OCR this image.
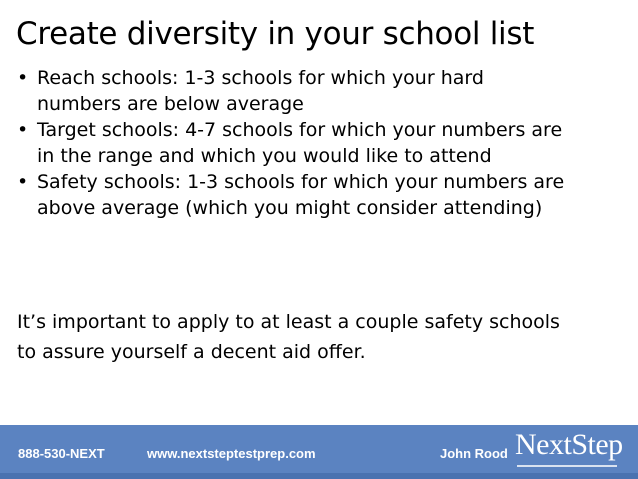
Create diversity in your school list
• Reach schools: 1-3 schools for which your hard
numbers are below average
• Target schools: 4-7 schools for which your numbers are
in the range and which you would like to attend
• Safety schools: 1-3 schools for which your numbers are
above average (which you might consider attending)

It’s important to apply to at least a couple safety schools
to assure yourself a decent aid offer.

888-530-NEXT	www.nextsteptestprep.com	John Rood NextStep
